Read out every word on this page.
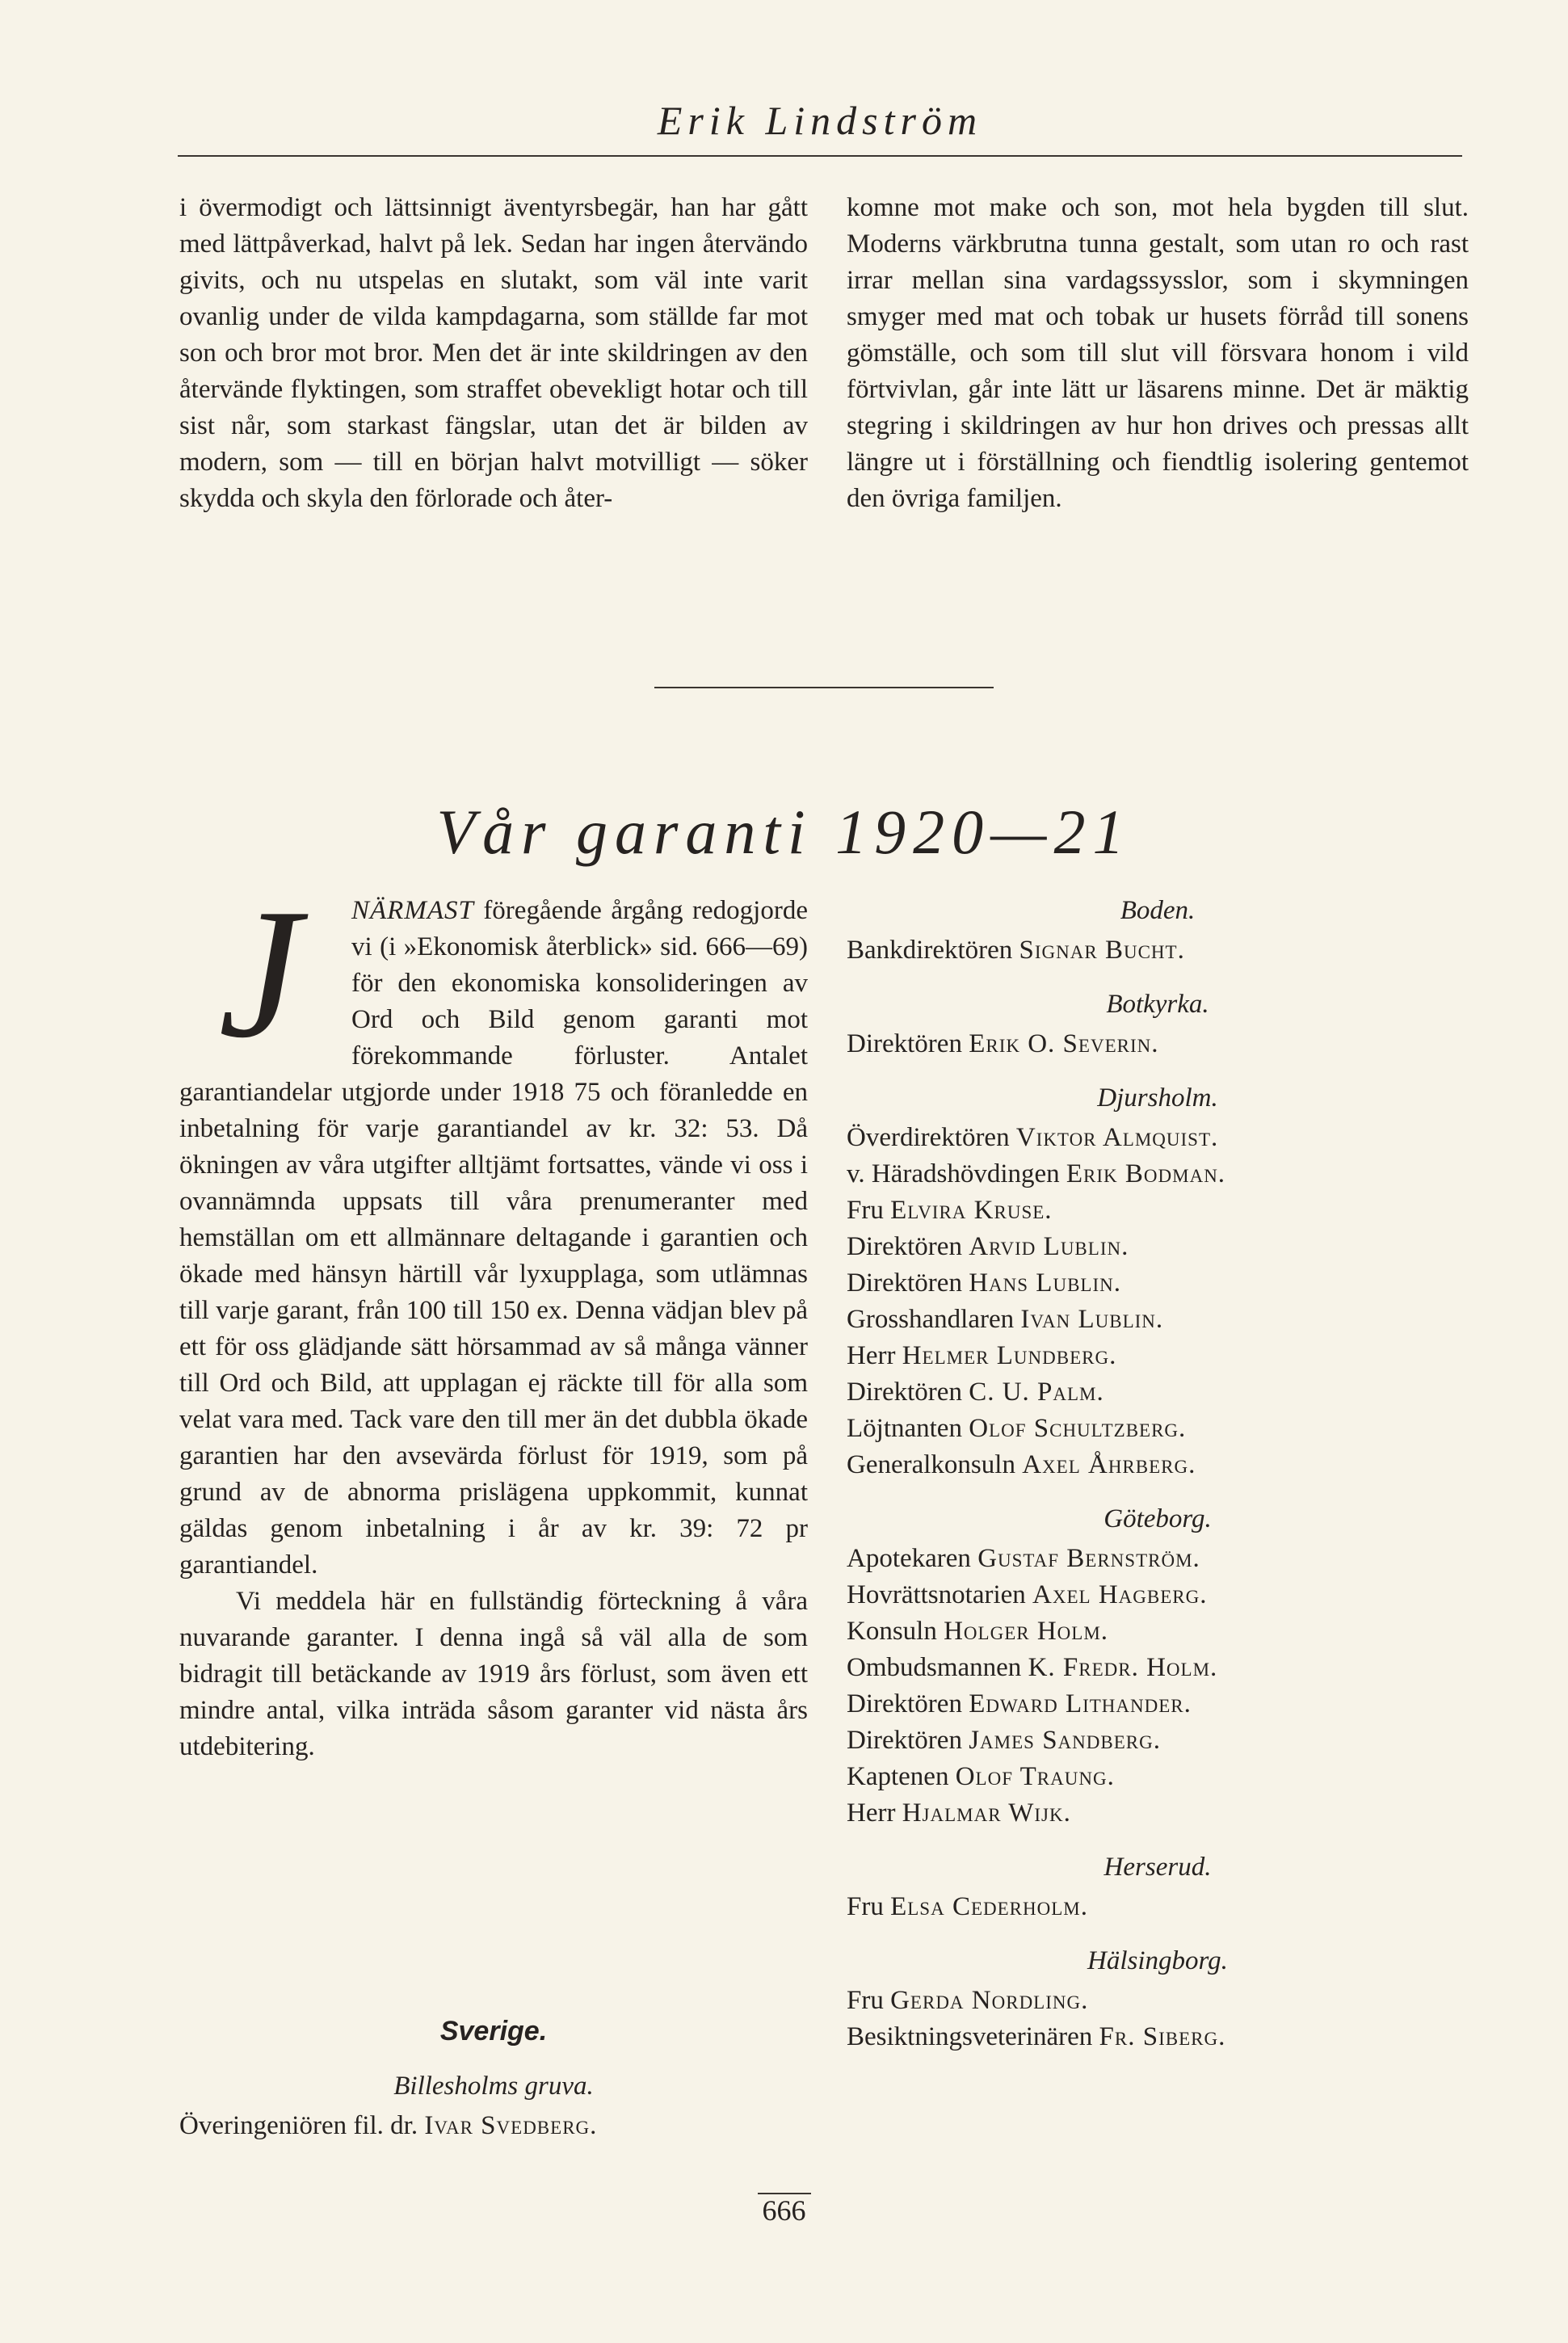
Erik Lindström

i övermodigt och lättsinnigt äventyrsbegär, han har gått med lättpåverkad, halvt på lek. Sedan har ingen återvändo givits, och nu utspelas en slutakt, som väl inte varit ovanlig under de vilda kampdagarna, som ställde far mot son och bror mot bror. Men det är inte skildringen av den återvände flyktingen, som straffet obevekligt hotar och till sist når, som starkast fängslar, utan det är bilden av modern, som — till en början halvt motvilligt — söker skydda och skyla den förlorade och åter-

komne mot make och son, mot hela bygden till slut. Moderns värkbrutna tunna gestalt, som utan ro och rast irrar mellan sina vardagssysslor, som i skymningen smyger med mat och tobak ur husets förråd till sonens gömställe, och som till slut vill försvara honom i vild förtvivlan, går inte lätt ur läsarens minne. Det är mäktig stegring i skildringen av hur hon drives och pressas allt längre ut i förställning och fiendtlig isolering gentemot den övriga familjen.

Vår garanti 1920—21

J	NÄRMAST föregående årgång redogjorde vi (i »Ekonomisk återblick» sid. 666—69) för den ekonomiska konsolideringen av Ord och Bild genom garanti mot förekommande förluster. Antalet garantiandelar utgjorde under 1918 75 och föranledde en inbetalning för varje garantiandel av kr. 32: 53. Då ökningen av våra utgifter alltjämt fortsattes, vände vi oss i ovannämnda uppsats till våra prenumeranter med hemställan om ett allmännare deltagande i garantien och ökade med hänsyn härtill vår lyxupplaga, som utlämnas till varje garant, från 100 till 150 ex. Denna vädjan blev på ett för oss glädjande sätt hörsammad av så många vänner till Ord och Bild, att upplagan ej räckte till för alla som velat vara med. Tack vare den till mer än det dubbla ökade garantien har den avsevärda förlust för 1919, som på grund av de abnorma prislägena uppkommit, kunnat gäldas genom inbetalning i år av kr. 39: 72 pr garantiandel.

Vi meddela här en fullständig förteckning å våra nuvarande garanter. I denna ingå så väl alla de som bidragit till betäckande av 1919 års förlust, som även ett mindre antal, vilka inträda såsom garanter vid nästa års utdebitering.

Sverige.
Billesholms gruva.
Överingeniören fil. dr. Ivar Svedberg.
Boden.
Bankdirektören Signar Bucht.
Botkyrka.
Direktören Erik O. Severin.
Djursholm.
Överdirektören Viktor Almquist.
v. Häradshövdingen Erik Bodman.
Fru Elvira Kruse.
Direktören Arvid Lublin.
Direktören Hans Lublin.
Grosshandlaren Ivan Lublin.
Herr Helmer Lundberg.
Direktören C. U. Palm.
Löjtnanten Olof Schultzberg.
Generalkonsuln Axel Åhrberg.
Göteborg.
Apotekaren Gustaf Bernström.
Hovrättsnotarien Axel Hagberg.
Konsuln Holger Holm.
Ombudsmannen K. Fredr. Holm.
Direktören Edward Lithander.
Direktören James Sandberg.
Kaptenen Olof Traung.
Herr Hjalmar Wijk.
Herserud.
Fru Elsa Cederholm.
Hälsingborg.
Fru Gerda Nordling.
Besiktningsveterinären Fr. Siberg.
666
